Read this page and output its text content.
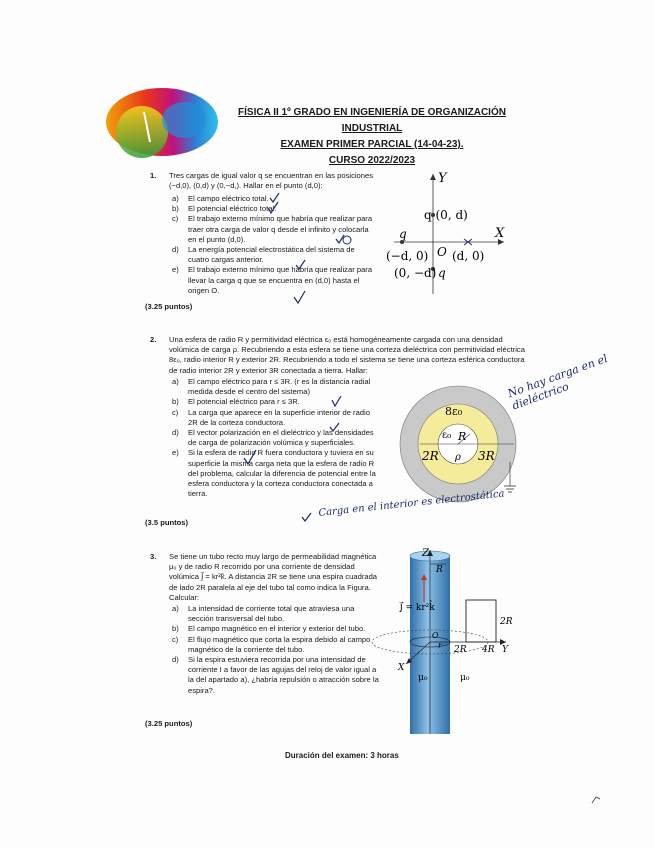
FÍSICA II 1º GRADO EN INGENIERÍA DE ORGANIZACIÓN INDUSTRIAL
EXAMEN PRIMER PARCIAL (14-04-23).
CURSO 2022/2023
1. Tres cargas de igual valor q se encuentran en las posiciones (−d,0), (0,d) y (0,−d,). Hallar en el punto (d,0):
a) El campo eléctrico total.
b) El potencial eléctrico total.
c) El trabajo externo mínimo que habría que realizar para traer otra carga de valor q desde el infinito y colocarla en el punto (d,0).
d) La energía potencial electrostática del sistema de cuatro cargas anterior.
e) El trabajo externo mínimo que habría que realizar para llevar la carga q que se encuentra en (d,0) hasta el origen O.
(3.25 puntos)
Y
X
q (0, d)
q
(−d, 0) O (d, 0)
(0, −d) q
2. Una esfera de radio R y permitividad eléctrica ε₀ está homogéneamente cargada con una densidad volúmica de carga ρ. Recubriendo a esta esfera se tiene una corteza dieléctrica con permitividad eléctrica 8ε₀, radio interior R y exterior 2R. Recubriendo a todo el sistema se tiene una corteza esférica conductora de radio interior 2R y exterior 3R conectada a tierra. Hallar:
a) El campo eléctrico para r ≤ 3R. (r es la distancia radial medida desde el centro del sistema)
b) El potencial eléctrico para r ≤ 3R.
c) La carga que aparece en la superficie interior de radio 2R de la corteza conductora.
d) El vector polarización en el dieléctrico y las densidades de carga de polarización volúmica y superficiales.
e) Si la esfera de radio R fuera conductora y tuviera en su superficie la misma carga neta que la esfera de radio R del problema, calcular la diferencia de potencial entre la esfera conductora y la corteza conductora conectada a tierra.
(3.5 puntos)
8ε₀
ε₀ R
2R ρ 3R
No hay carga en el dieléctrico
Carga en el interior es electrostática
3. Se tiene un tubo recto muy largo de permeabilidad magnética μ₀ y de radio R recorrido por una corriente de densidad volúmica J⃗ = kr²k̂. A distancia 2R se tiene una espira cuadrada de lado 2R paralela al eje del tubo tal como indica la Figura. Calcular:
a) La intensidad de corriente total que atraviesa una sección transversal del tubo.
b) El campo magnético en el interior y exterior del tubo.
c) El flujo magnético que corta la espira debido al campo magnético de la corriente del tubo.
d) Si la espira estuviera recorrida por una intensidad de corriente I a favor de las agujas del reloj de valor igual a la del apartado a), ¿habría repulsión o atracción sobre la espira?.
(3.25 puntos)
Z
R
J⃗ = kr²k̂
2R
2R 4R Y
X
O
r
μ₀	μ₀
Duración del examen: 3 horas
